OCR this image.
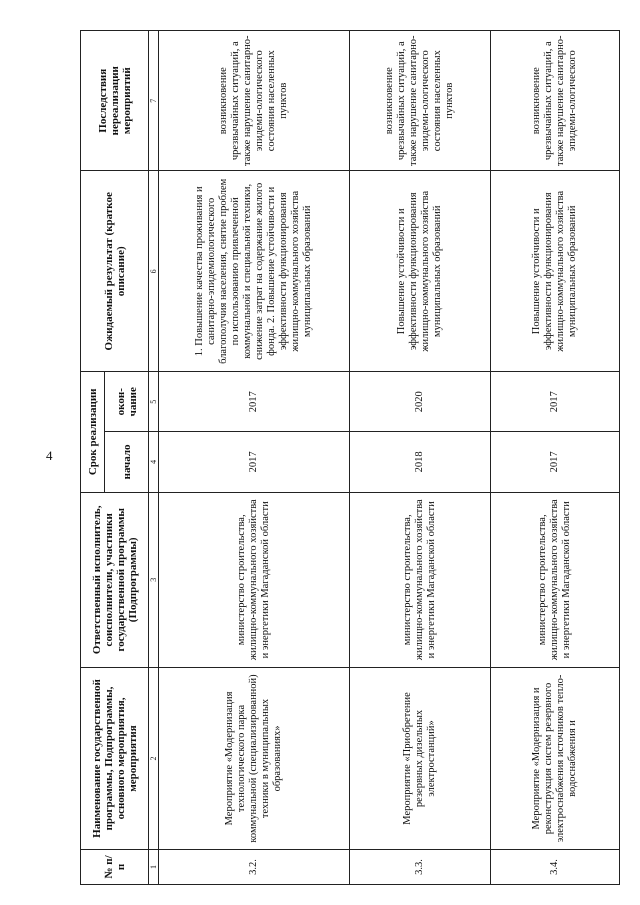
4
№ п/п	Наименование государственной программы, Подпрограммы, основного мероприятия, мероприятия	Ответственный исполнитель, соисполнители, участники государственной программы (Подпрограммы)	Срок реализации		Ожидаемый результат (краткое описание)	Последствия нереализации мероприятий
			начало	окон-чание		
1	2	3	4	5	6	7
3.2.	Мероприятие «Модернизация технологического парка коммунальной (специализированной) техники в муниципальных образованиях»	министерство строительства, жилищно-коммунального хозяйства и энергетики Магаданской области	2017	2017	1. Повышение качества проживания и санитарно-эпидемиологического благополучия населения, снятие проблем по использованию привлеченной коммунальной и специальной техники, снижение затрат на содержание жилого фонда. 2. Повышение устойчивости и эффективности функционирования жилищно-коммунального хозяйства муниципальных образований	возникновение чрезвычайных ситуаций, а также нарушение санитарно-эпидеми-ологического состояния населенных пунктов
3.3.	Мероприятие «Приобретение резервных дизельных электростанций»	министерство строительства, жилищно-коммунального хозяйства и энергетики Магаданской области	2018	2020	Повышение устойчивости и эффективности функционирования жилищно-коммунального хозяйства муниципальных образований	возникновение чрезвычайных ситуаций, а также нарушение санитарно-эпидеми-ологического состояния населенных пунктов
3.4.	Мероприятие «Модернизация и реконструкция систем резервного электроснабжения источников тепло-водоснабжения и	министерство строительства, жилищно-коммунального хозяйства и энергетики Магаданской области	2017	2017	Повышение устойчивости и эффективности функционирования жилищно-коммунального хозяйства муниципальных образований	возникновение чрезвычайных ситуаций, а также нарушение санитарно-эпидеми-ологического
